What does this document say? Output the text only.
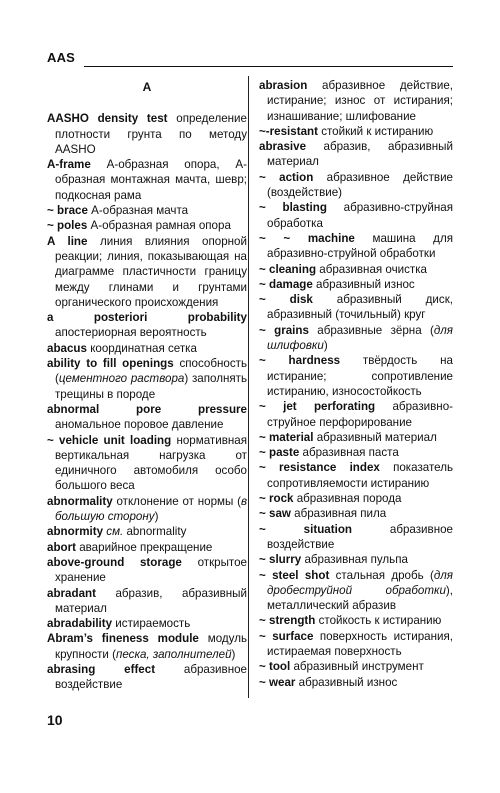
AAS
A

AASHO density test определение плотности грунта по методу AASHO

A-frame А-образная опора, А-образная монтажная мачта, шевр; подкосная рама

~ brace А-образная мачта

~ poles А-образная рамная опора

A line линия влияния опорной реакции; линия, показывающая на диаграмме пластичности границу между глинами и грунтами органического происхождения

a posteriori probability апостериорная вероятность

abacus координатная сетка

ability to fill openings способность (цементного раствора) заполнять трещины в породе

abnormal pore pressure аномальное поровое давление

~ vehicle unit loading нормативная вертикальная нагрузка от единичного автомобиля особо большого веса

abnormality отклонение от нормы (в большую сторону)

abnormity см. abnormality

abort аварийное прекращение

above-ground storage открытое хранение

abradant абразив, абразивный материал

abradability истираемость

Abram’s fineness module модуль крупности (песка, заполнителей)

abrasing effect абразивное воздействие

abrasion абразивное действие, истирание; износ от истирания; изнашивание; шлифование

~-resistant стойкий к истиранию

abrasive абразив, абразивный материал

~ action абразивное действие (воздействие)

~ blasting абразивно-струйная обработка

~ ~ machine машина для абразивно-струйной обработки

~ cleaning абразивная очистка

~ damage абразивный износ

~ disk абразивный диск, абразивный (точильный) круг

~ grains абразивные зёрна (для шлифовки)

~ hardness твёрдость на истирание; сопротивление истиранию, износостойкость

~ jet perforating абразивно-струйное перфорирование

~ material абразивный материал

~ paste абразивная паста

~ resistance index показатель сопротивляемости истиранию

~ rock абразивная порода

~ saw абразивная пила

~ situation абразивное воздействие

~ slurry абразивная пульпа

~ steel shot стальная дробь (для дробеструйной обработки), металлический абразив

~ strength стойкость к истиранию

~ surface поверхность истирания, истираемая поверхность

~ tool абразивный инструмент

~ wear абразивный износ

10
